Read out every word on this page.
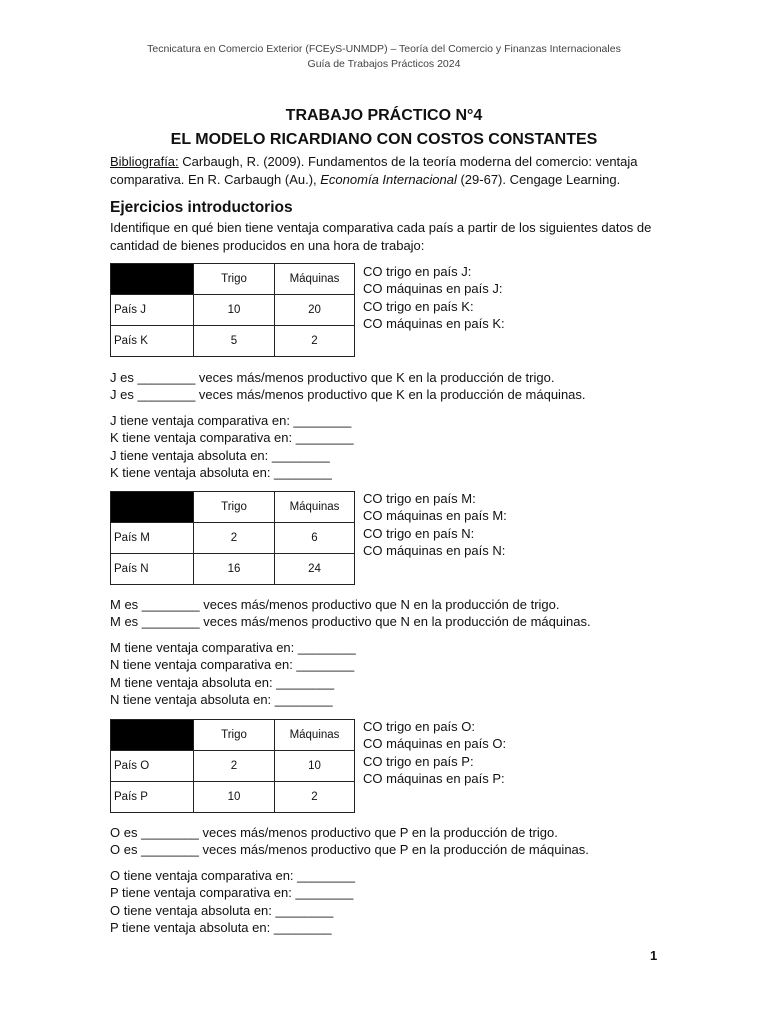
Tecnicatura en Comercio Exterior (FCEyS-UNMDP) – Teoría del Comercio y Finanzas Internacionales
Guía de Trabajos Prácticos 2024
TRABAJO PRÁCTICO N°4
EL MODELO RICARDIANO CON COSTOS CONSTANTES
Bibliografía: Carbaugh, R. (2009). Fundamentos de la teoría moderna del comercio: ventaja comparativa. En R. Carbaugh (Au.), Economía Internacional (29-67). Cengage Learning.
Ejercicios introductorios
Identifique en qué bien tiene ventaja comparativa cada país a partir de los siguientes datos de cantidad de bienes producidos en una hora de trabajo:
	Trigo	Máquinas
País J	10	20
País K	5	2
CO trigo en país J:
CO máquinas en país J:
CO trigo en país K:
CO máquinas en país K:
J es ________ veces más/menos productivo que K en la producción de trigo.
J es ________ veces más/menos productivo que K en la producción de máquinas.
J tiene ventaja comparativa en: ________
K tiene ventaja comparativa en: ________
J tiene ventaja absoluta en: ________
K tiene ventaja absoluta en: ________
	Trigo	Máquinas
País M	2	6
País N	16	24
CO trigo en país M:
CO máquinas en país M:
CO trigo en país N:
CO máquinas en país N:
M es ________ veces más/menos productivo que N en la producción de trigo.
M es ________ veces más/menos productivo que N en la producción de máquinas.
M tiene ventaja comparativa en: ________
N tiene ventaja comparativa en: ________
M tiene ventaja absoluta en: ________
N tiene ventaja absoluta en: ________
	Trigo	Máquinas
País O	2	10
País P	10	2
CO trigo en país O:
CO máquinas en país O:
CO trigo en país P:
CO máquinas en país P:
O es ________ veces más/menos productivo que P en la producción de trigo.
O es ________ veces más/menos productivo que P en la producción de máquinas.
O tiene ventaja comparativa en: ________
P tiene ventaja comparativa en: ________
O tiene ventaja absoluta en: ________
P tiene ventaja absoluta en: ________
1
